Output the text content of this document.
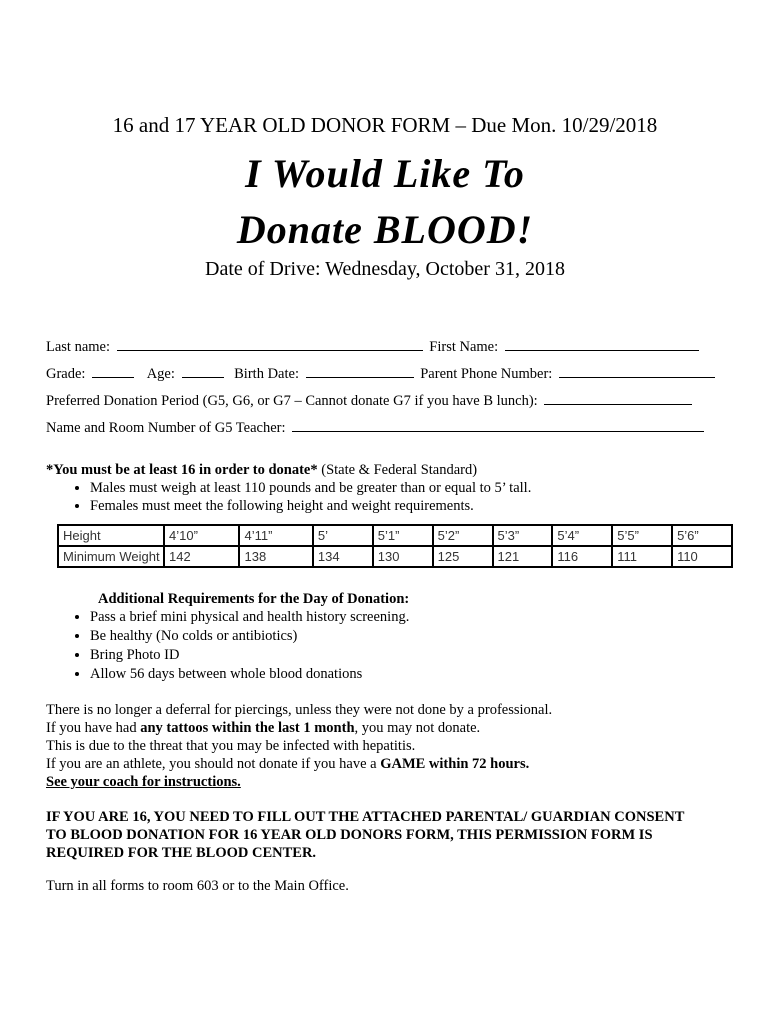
16 and 17 YEAR OLD DONOR FORM – Due Mon. 10/29/2018
I Would Like To
Donate BLOOD!
Date of Drive: Wednesday, October 31, 2018
Last name:	First Name:
Grade:	Age:	Birth Date:	Parent Phone Number:
Preferred Donation Period (G5, G6, or G7 – Cannot donate G7 if you have B lunch):
Name and Room Number of G5 Teacher:
*You must be at least 16 in order to donate* (State & Federal Standard)
• Males must weigh at least 110 pounds and be greater than or equal to 5’ tall.
• Females must meet the following height and weight requirements.
Height	4’10”	4’11”	5’	5’1”	5’2”	5’3”	5’4”	5’5”	5’6”
Minimum Weight	142	138	134	130	125	121	116	111	110
Additional Requirements for the Day of Donation:
• Pass a brief mini physical and health history screening.
• Be healthy (No colds or antibiotics)
• Bring Photo ID
• Allow 56 days between whole blood donations
There is no longer a deferral for piercings, unless they were not done by a professional.
If you have had any tattoos within the last 1 month, you may not donate.
This is due to the threat that you may be infected with hepatitis.
If you are an athlete, you should not donate if you have a GAME within 72 hours.
See your coach for instructions.
IF YOU ARE 16, YOU NEED TO FILL OUT THE ATTACHED PARENTAL/ GUARDIAN CONSENT
TO BLOOD DONATION FOR 16 YEAR OLD DONORS FORM, THIS PERMISSION FORM IS
REQUIRED FOR THE BLOOD CENTER.
Turn in all forms to room 603 or to the Main Office.
